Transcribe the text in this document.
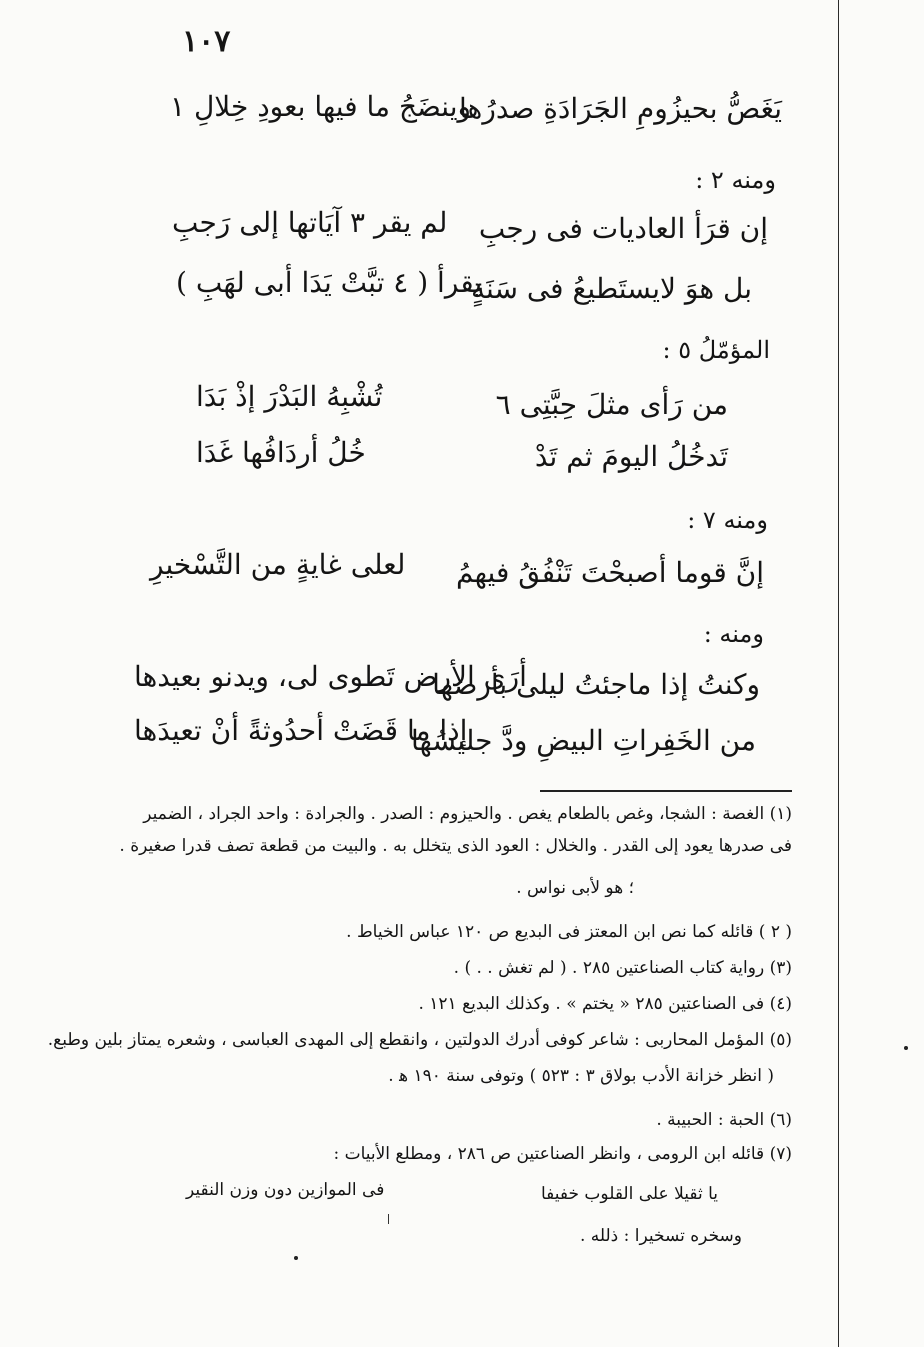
١٠٧
يَغَصُّ بحيزُومِ الجَرَادَةِ صدرُها
وينضَجُ ما فيها بعودِ خِلالِ ١
ومنه ٢ :
إن قرَأ العاديات فى رجبِ
لم يقر ٣ آيَاتها إلى رَجبِ
بل هوَ لايستَطيعُ فى سَنَةٍ
يقرأ ( ٤ تبَّتْ يَدَا أبى لهَبِ )
المؤمّلُ ٥ :
من رَأى مثلَ حِبَّتِى ٦
تُشْبِهُ البَدْرَ إذْ بَدَا
تَدخُلُ اليومَ ثم تَدْ
خُلُ أردَافُها غَدَا
ومنه ٧ :
إنَّ قوما أصبحْتَ تَنْفُقُ فيهمُ
لعلى غايةٍ من التَّسْخيرِ
ومنه :
وكنتُ إذا ماجئتُ ليلى بأرضها
أرَى الأرض تَطوى لى، ويدنو بعيدها
من الخَفِراتِ البيضِ ودَّ جليسُها
إذا ما قَضَتْ أحدُوثةً أنْ تعيدَها
(١) الغصة : الشجا، وغص بالطعام يغص . والحيزوم : الصدر . والجرادة : واحد الجراد ، الضمير
فى صدرها يعود إلى القدر . والخلال : العود الذى يتخلل به . والبيت من قطعة تصف قدرا صغيرة .
؛ هو لأبى نواس .
( ٢ ) قائله كما نص ابن المعتز فى البديع ص ١٢٠ عباس الخياط .
(٣) رواية كتاب الصناعتين ٢٨٥ . ( لم تغش . . ) .
(٤) فى الصناعتين ٢٨٥ « يختم » . وكذلك البديع ١٢١ .
(٥) المؤمل المحاربى : شاعر كوفى أدرك الدولتين ، وانقطع إلى المهدى العباسى ، وشعره يمتاز بلين وطبع.
( انظر خزانة الأدب بولاق ٣ : ٥٢٣ ) وتوفى سنة ١٩٠ ﻫ .
(٦) الحبة : الحبيبة .
(٧) قائله ابن الرومى ، وانظر الصناعتين ص ٢٨٦ ، ومطلع الأبيات :
يا ثقيلا على القلوب خفيفا
فى الموازين دون وزن النقير
وسخره تسخيرا : ذلله .
